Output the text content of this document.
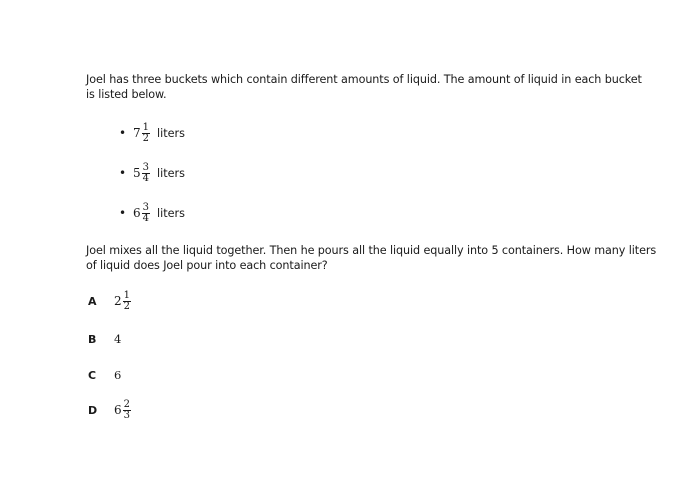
Joel has three buckets which contain different amounts of liquid. The amount of liquid in each bucket is listed below.
• $7 \frac{1}{2}$ liters
• $5 \frac{3}{4}$ liters
• $6 \frac{3}{4}$ liters
Joel mixes all the liquid together. Then he pours all the liquid equally into 5 containers. How many liters of liquid does Joel pour into each container?
A	$2 \frac{1}{2}$
B	4
C	6
D	$6 \frac{2}{3}$
